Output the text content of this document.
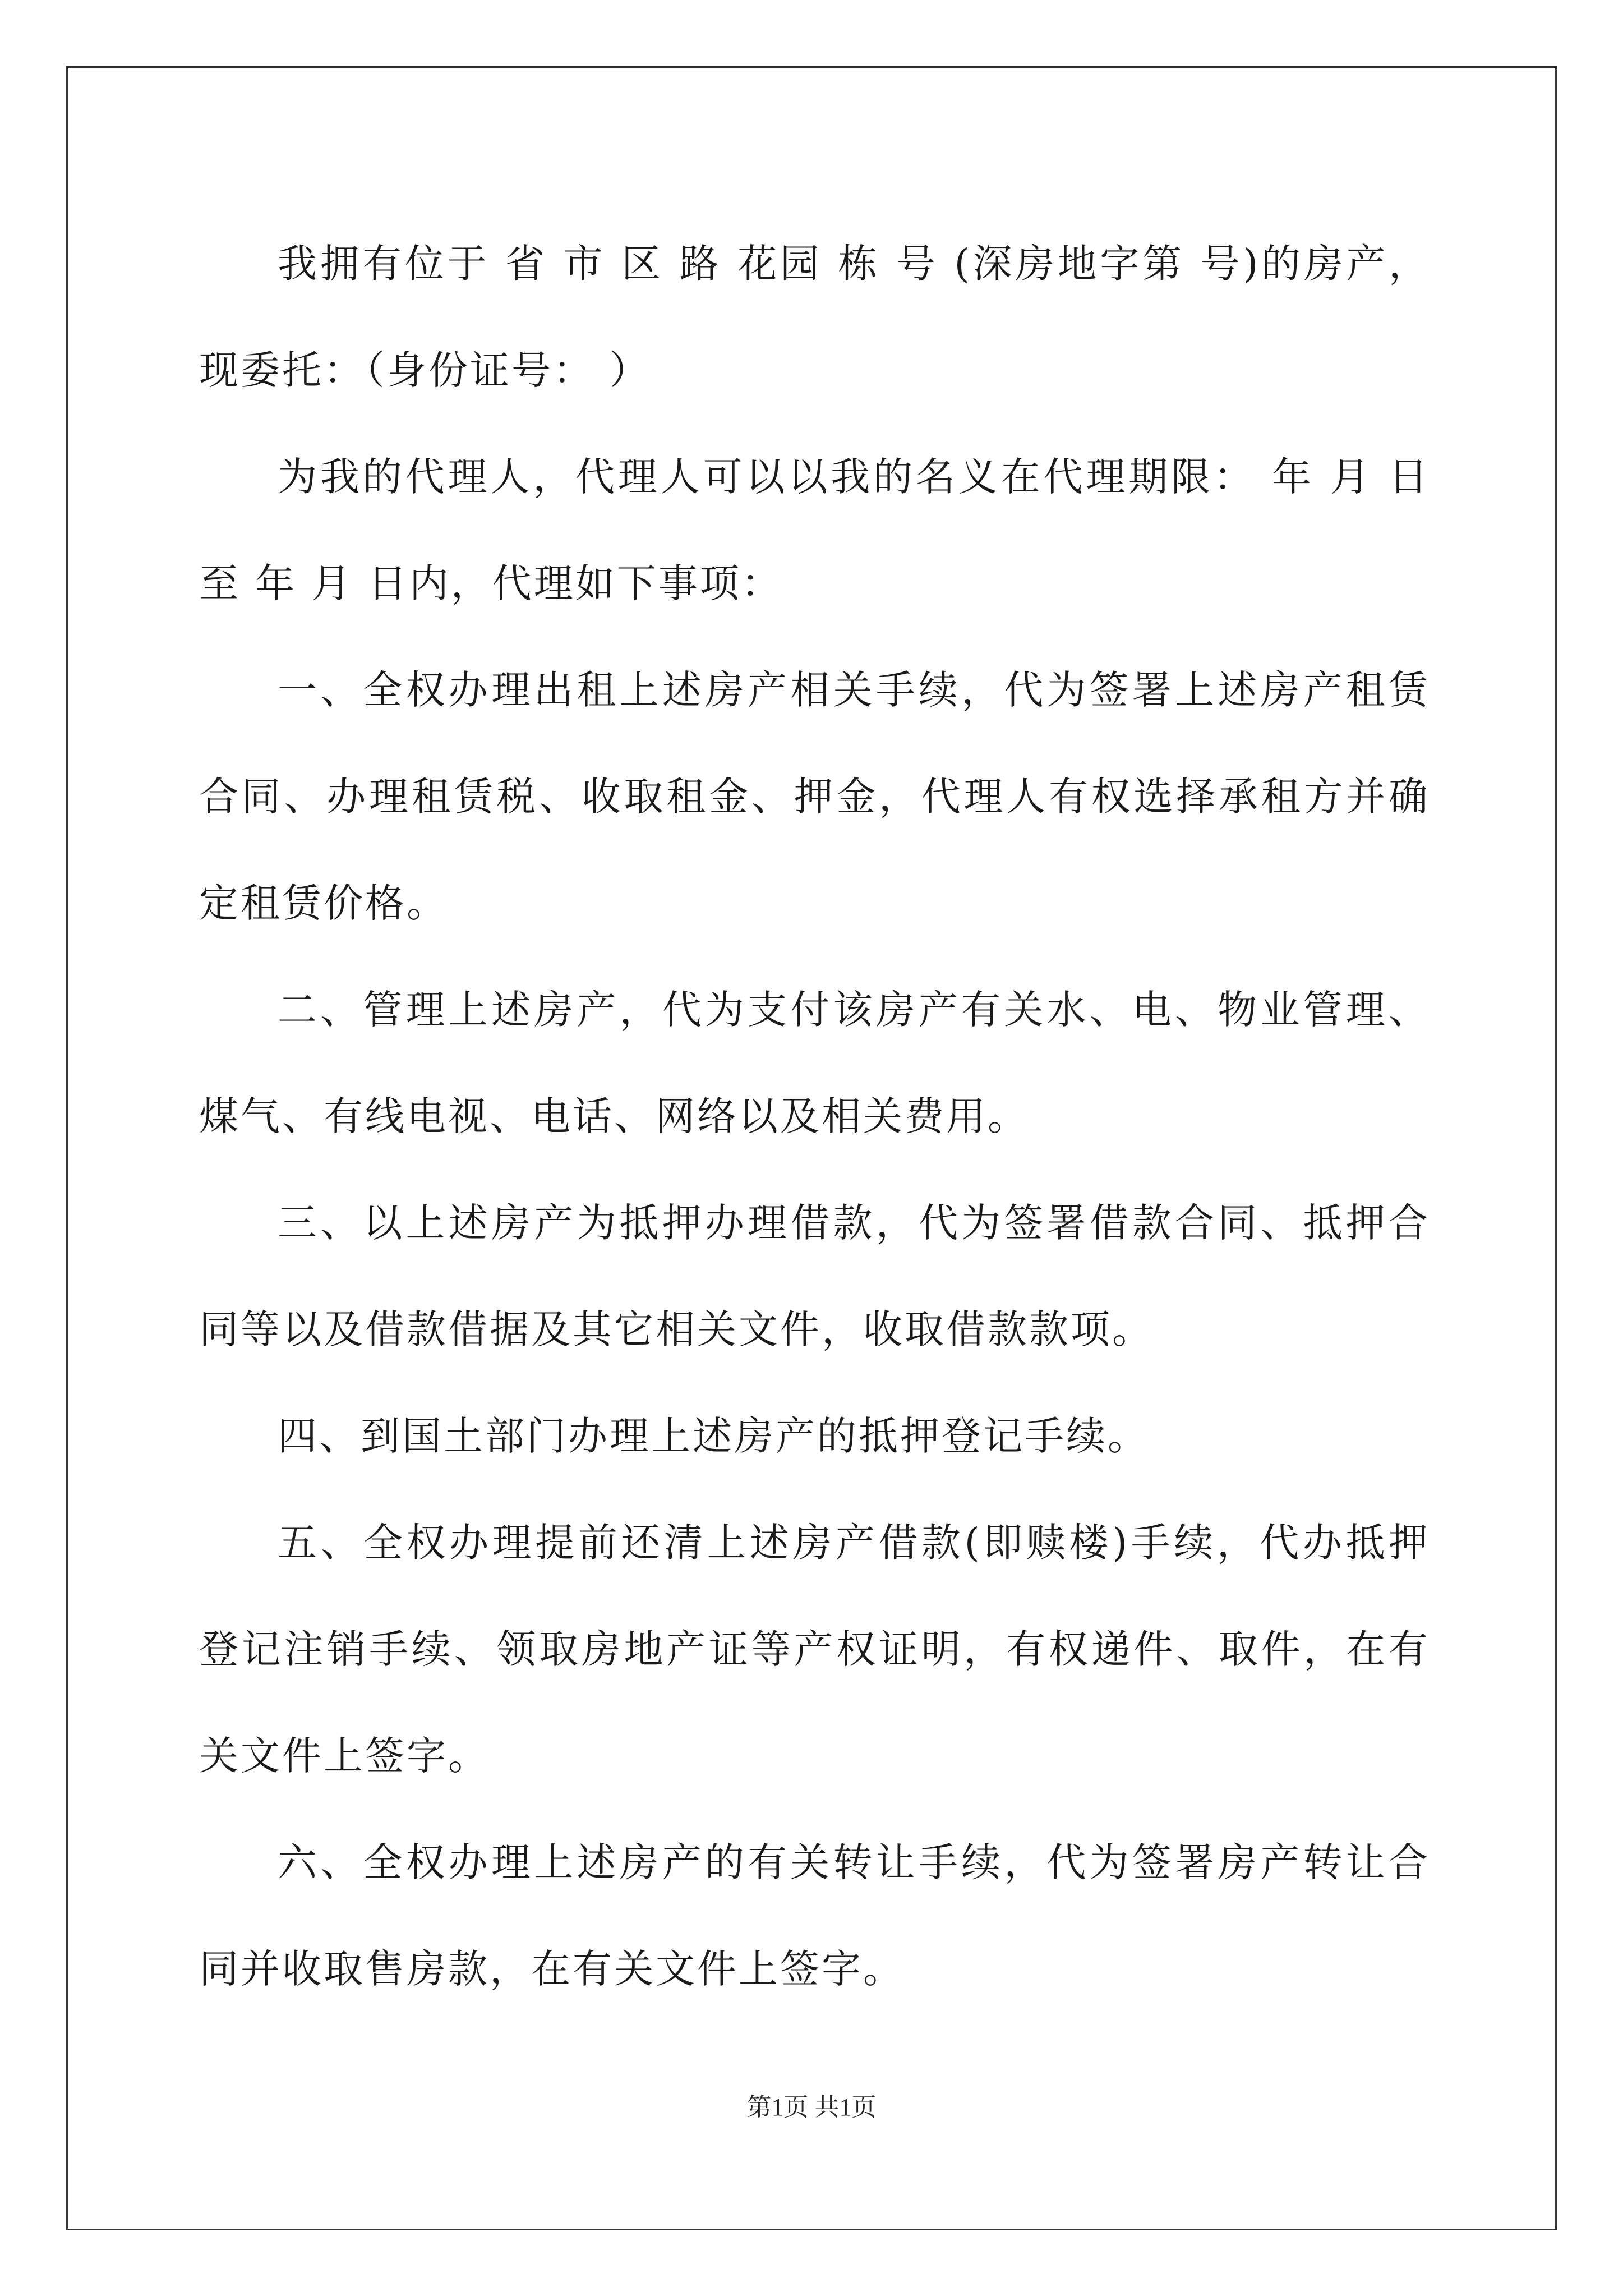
我拥有位于 省 市 区 路 花园 栋 号 (深房地字第 号)的房产，现委托：（身份证号： ）

为我的代理人，代理人可以以我的名义在代理期限： 年 月 日至 年 月 日内，代理如下事项：

一、全权办理出租上述房产相关手续，代为签署上述房产租赁合同、办理租赁税、收取租金、押金，代理人有权选择承租方并确定租赁价格。

二、管理上述房产，代为支付该房产有关水、电、物业管理、煤气、有线电视、电话、网络以及相关费用。

三、以上述房产为抵押办理借款，代为签署借款合同、抵押合同等以及借款借据及其它相关文件，收取借款款项。

四、到国土部门办理上述房产的抵押登记手续。

五、全权办理提前还清上述房产借款(即赎楼)手续，代办抵押登记注销手续、领取房地产证等产权证明，有权递件、取件，在有关文件上签字。

六、全权办理上述房产的有关转让手续，代为签署房产转让合同并收取售房款，在有关文件上签字。

第1页 共1页
